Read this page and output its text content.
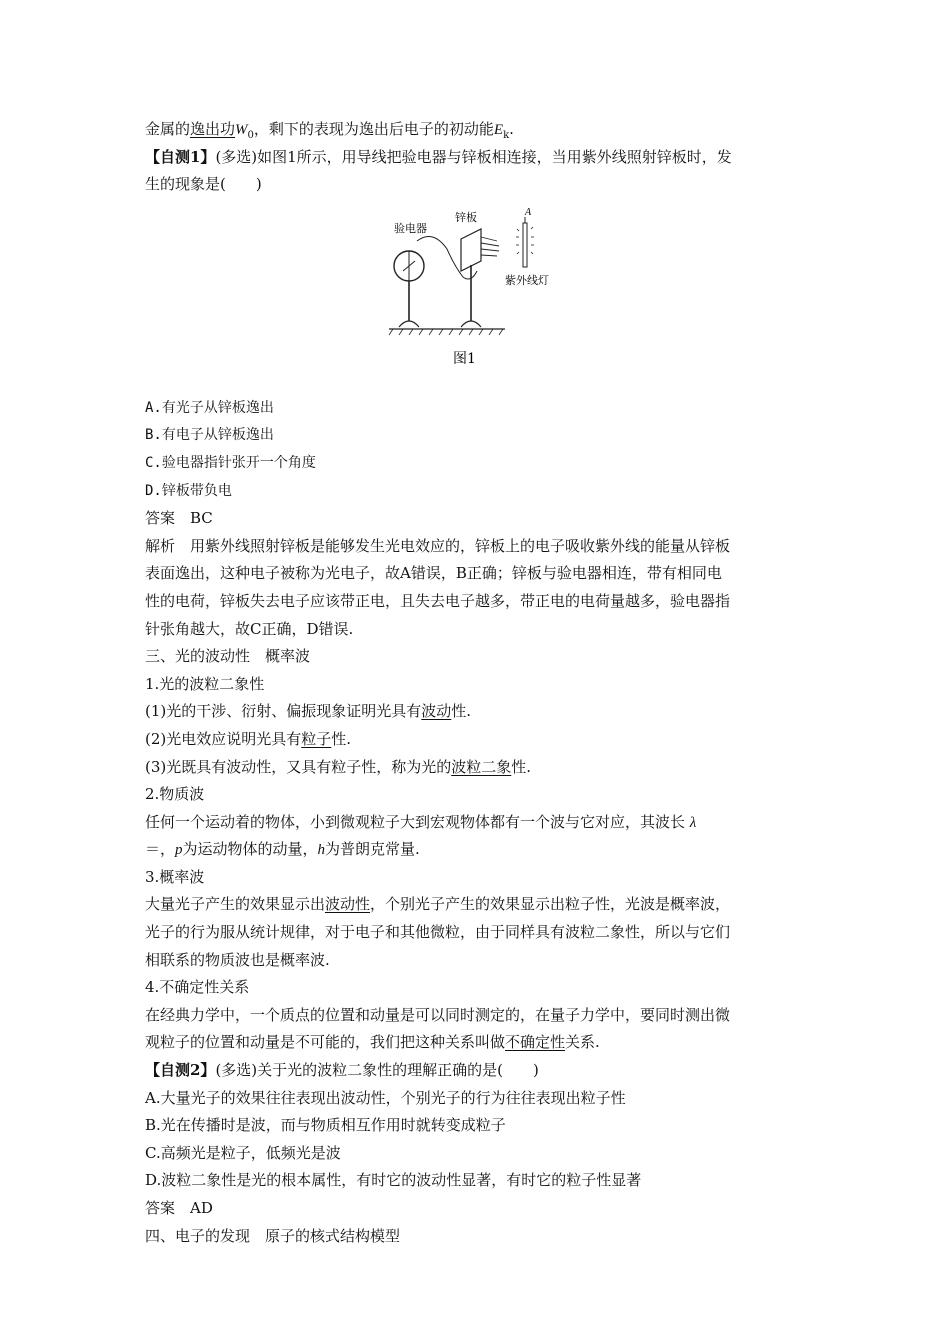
金属的逸出功$W_0$，剩下的表现为逸出后电子的初动能$E_k$.
【自测1】(多选)如图1所示，用导线把验电器与锌板相连接，当用紫外线照射锌板时，发
生的现象是(　　)
验电器
锌板	A
紫外线灯
图1
A.有光子从锌板逸出
B.有电子从锌板逸出
C.验电器指针张开一个角度
D.锌板带负电
答案　BC
解析　用紫外线照射锌板是能够发生光电效应的，锌板上的电子吸收紫外线的能量从锌板
表面逸出，这种电子被称为光电子，故A错误，B正确；锌板与验电器相连，带有相同电
性的电荷，锌板失去电子应该带正电，且失去电子越多，带正电的电荷量越多，验电器指
针张角越大，故C正确，D错误.
三、光的波动性　概率波
1.光的波粒二象性
(1)光的干涉、衍射、偏振现象证明光具有波动性.
(2)光电效应说明光具有粒子性.
(3)光既具有波动性，又具有粒子性，称为光的波粒二象性.
2.物质波
任何一个运动着的物体，小到微观粒子大到宏观物体都有一个波与它对应，其波长 λ
＝，p为运动物体的动量，h为普朗克常量.
3.概率波
大量光子产生的效果显示出波动性，个别光子产生的效果显示出粒子性，光波是概率波，
光子的行为服从统计规律，对于电子和其他微粒，由于同样具有波粒二象性，所以与它们
相联系的物质波也是概率波.
4.不确定性关系
在经典力学中，一个质点的位置和动量是可以同时测定的，在量子力学中，要同时测出微
观粒子的位置和动量是不可能的，我们把这种关系叫做不确定性关系.
【自测2】(多选)关于光的波粒二象性的理解正确的是(　　)
A.大量光子的效果往往表现出波动性，个别光子的行为往往表现出粒子性
B.光在传播时是波，而与物质相互作用时就转变成粒子
C.高频光是粒子，低频光是波
D.波粒二象性是光的根本属性，有时它的波动性显著，有时它的粒子性显著
答案　AD
四、电子的发现　原子的核式结构模型
